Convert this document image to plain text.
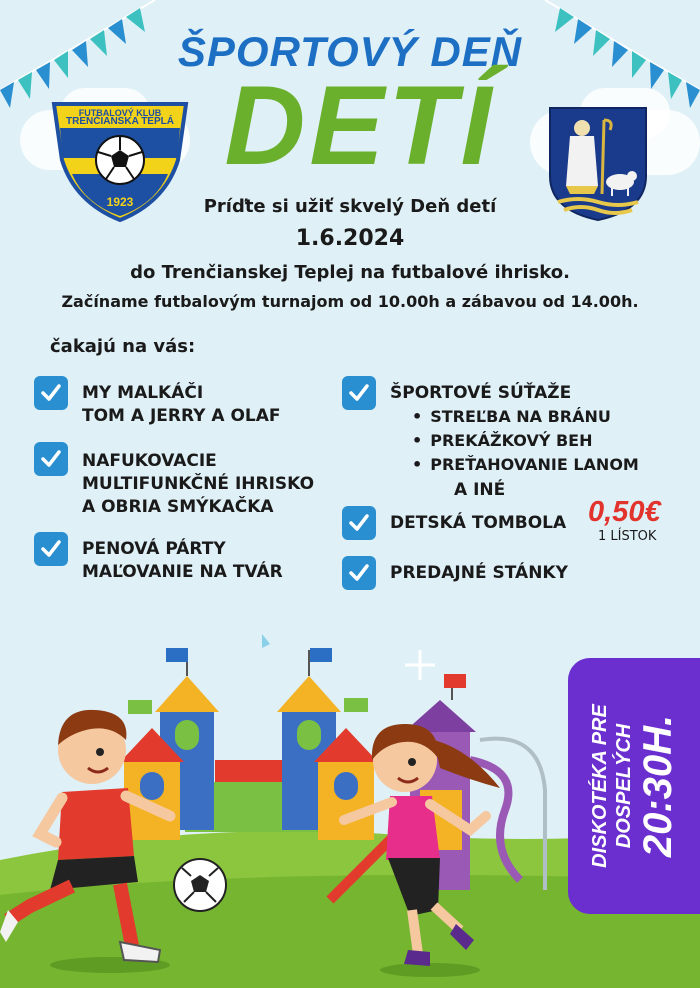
FUTBALOVÝ KLUB
TRENČIANSKA TEPLÁ
1923
ŠPORTOVÝ DEŇ
DETÍ
Príďte si užiť skvelý Deň detí
1.6.2024
do Trenčianskej Teplej na futbalové ihrisko.
Začíname futbalovým turnajom od 10.00h a zábavou od 14.00h.
čakajú na vás:
MY MALKÁČI
TOM A JERRY A OLAF
NAFUKOVACIE
MULTIFUNKČNÉ IHRISKO
A OBRIA SMÝKAČKA
PENOVÁ PÁRTY
MAĽOVANIE NA TVÁR
ŠPORTOVÉ SÚŤAŽE
• STREĽBA NA BRÁNU
• PREKÁŽKOVÝ BEH
• PREŤAHOVANIE LANOM
A INÉ
DETSKÁ TOMBOLA 0,50€
1 LÍSTOK
PREDAJNÉ STÁNKY
DISKOTÉKA PRE DOSPELÝCH 20:30H.
